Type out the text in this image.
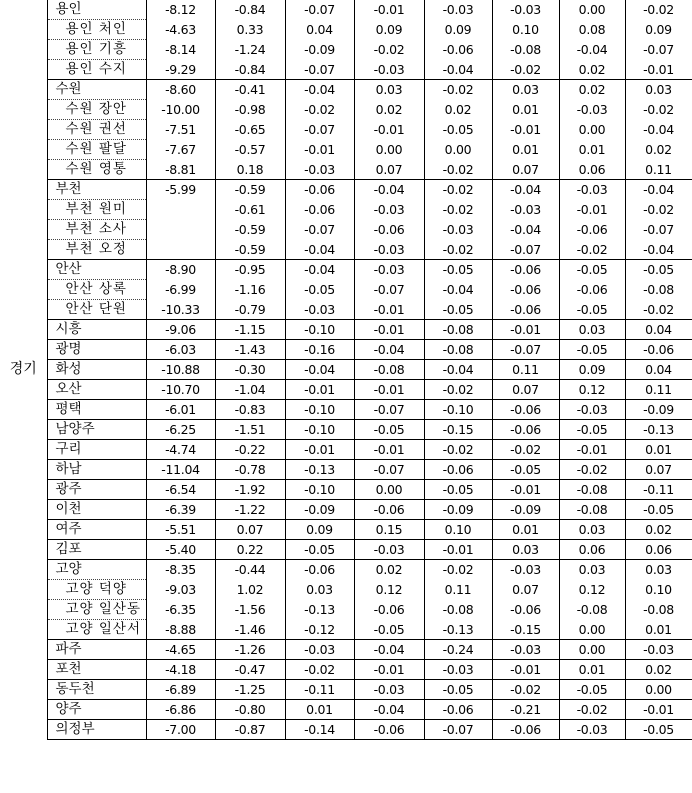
경기	용인	-8.12	-0.84	-0.07	-0.01	-0.03	-0.03	0.00	-0.02
	용인 처인	-4.63	0.33	0.04	0.09	0.09	0.10	0.08	0.09
	용인 기흥	-8.14	-1.24	-0.09	-0.02	-0.06	-0.08	-0.04	-0.07
	용인 수지	-9.29	-0.84	-0.07	-0.03	-0.04	-0.02	0.02	-0.01
	수원	-8.60	-0.41	-0.04	0.03	-0.02	0.03	0.02	0.03
	수원 장안	-10.00	-0.98	-0.02	0.02	0.02	0.01	-0.03	-0.02
	수원 권선	-7.51	-0.65	-0.07	-0.01	-0.05	-0.01	0.00	-0.04
	수원 팔달	-7.67	-0.57	-0.01	0.00	0.00	0.01	0.01	0.02
	수원 영통	-8.81	0.18	-0.03	0.07	-0.02	0.07	0.06	0.11
	부천	-5.99	-0.59	-0.06	-0.04	-0.02	-0.04	-0.03	-0.04
	부천 원미		-0.61	-0.06	-0.03	-0.02	-0.03	-0.01	-0.02
	부천 소사		-0.59	-0.07	-0.06	-0.03	-0.04	-0.06	-0.07
	부천 오정		-0.59	-0.04	-0.03	-0.02	-0.07	-0.02	-0.04
	안산	-8.90	-0.95	-0.04	-0.03	-0.05	-0.06	-0.05	-0.05
	안산 상록	-6.99	-1.16	-0.05	-0.07	-0.04	-0.06	-0.06	-0.08
	안산 단원	-10.33	-0.79	-0.03	-0.01	-0.05	-0.06	-0.05	-0.02
	시흥	-9.06	-1.15	-0.10	-0.01	-0.08	-0.01	0.03	0.04
	광명	-6.03	-1.43	-0.16	-0.04	-0.08	-0.07	-0.05	-0.06
	화성	-10.88	-0.30	-0.04	-0.08	-0.04	0.11	0.09	0.04
	오산	-10.70	-1.04	-0.01	-0.01	-0.02	0.07	0.12	0.11
	평택	-6.01	-0.83	-0.10	-0.07	-0.10	-0.06	-0.03	-0.09
	남양주	-6.25	-1.51	-0.10	-0.05	-0.15	-0.06	-0.05	-0.13
	구리	-4.74	-0.22	-0.01	-0.01	-0.02	-0.02	-0.01	0.01
	하남	-11.04	-0.78	-0.13	-0.07	-0.06	-0.05	-0.02	0.07
	광주	-6.54	-1.92	-0.10	0.00	-0.05	-0.01	-0.08	-0.11
	이천	-6.39	-1.22	-0.09	-0.06	-0.09	-0.09	-0.08	-0.05
	여주	-5.51	0.07	0.09	0.15	0.10	0.01	0.03	0.02
	김포	-5.40	0.22	-0.05	-0.03	-0.01	0.03	0.06	0.06
	고양	-8.35	-0.44	-0.06	0.02	-0.02	-0.03	0.03	0.03
	고양 덕양	-9.03	1.02	0.03	0.12	0.11	0.07	0.12	0.10
	고양 일산동	-6.35	-1.56	-0.13	-0.06	-0.08	-0.06	-0.08	-0.08
	고양 일산서	-8.88	-1.46	-0.12	-0.05	-0.13	-0.15	0.00	0.01
	파주	-4.65	-1.26	-0.03	-0.04	-0.24	-0.03	0.00	-0.03
	포천	-4.18	-0.47	-0.02	-0.01	-0.03	-0.01	0.01	0.02
	동두천	-6.89	-1.25	-0.11	-0.03	-0.05	-0.02	-0.05	0.00
	양주	-6.86	-0.80	0.01	-0.04	-0.06	-0.21	-0.02	-0.01
	의정부	-7.00	-0.87	-0.14	-0.06	-0.07	-0.06	-0.03	-0.05
